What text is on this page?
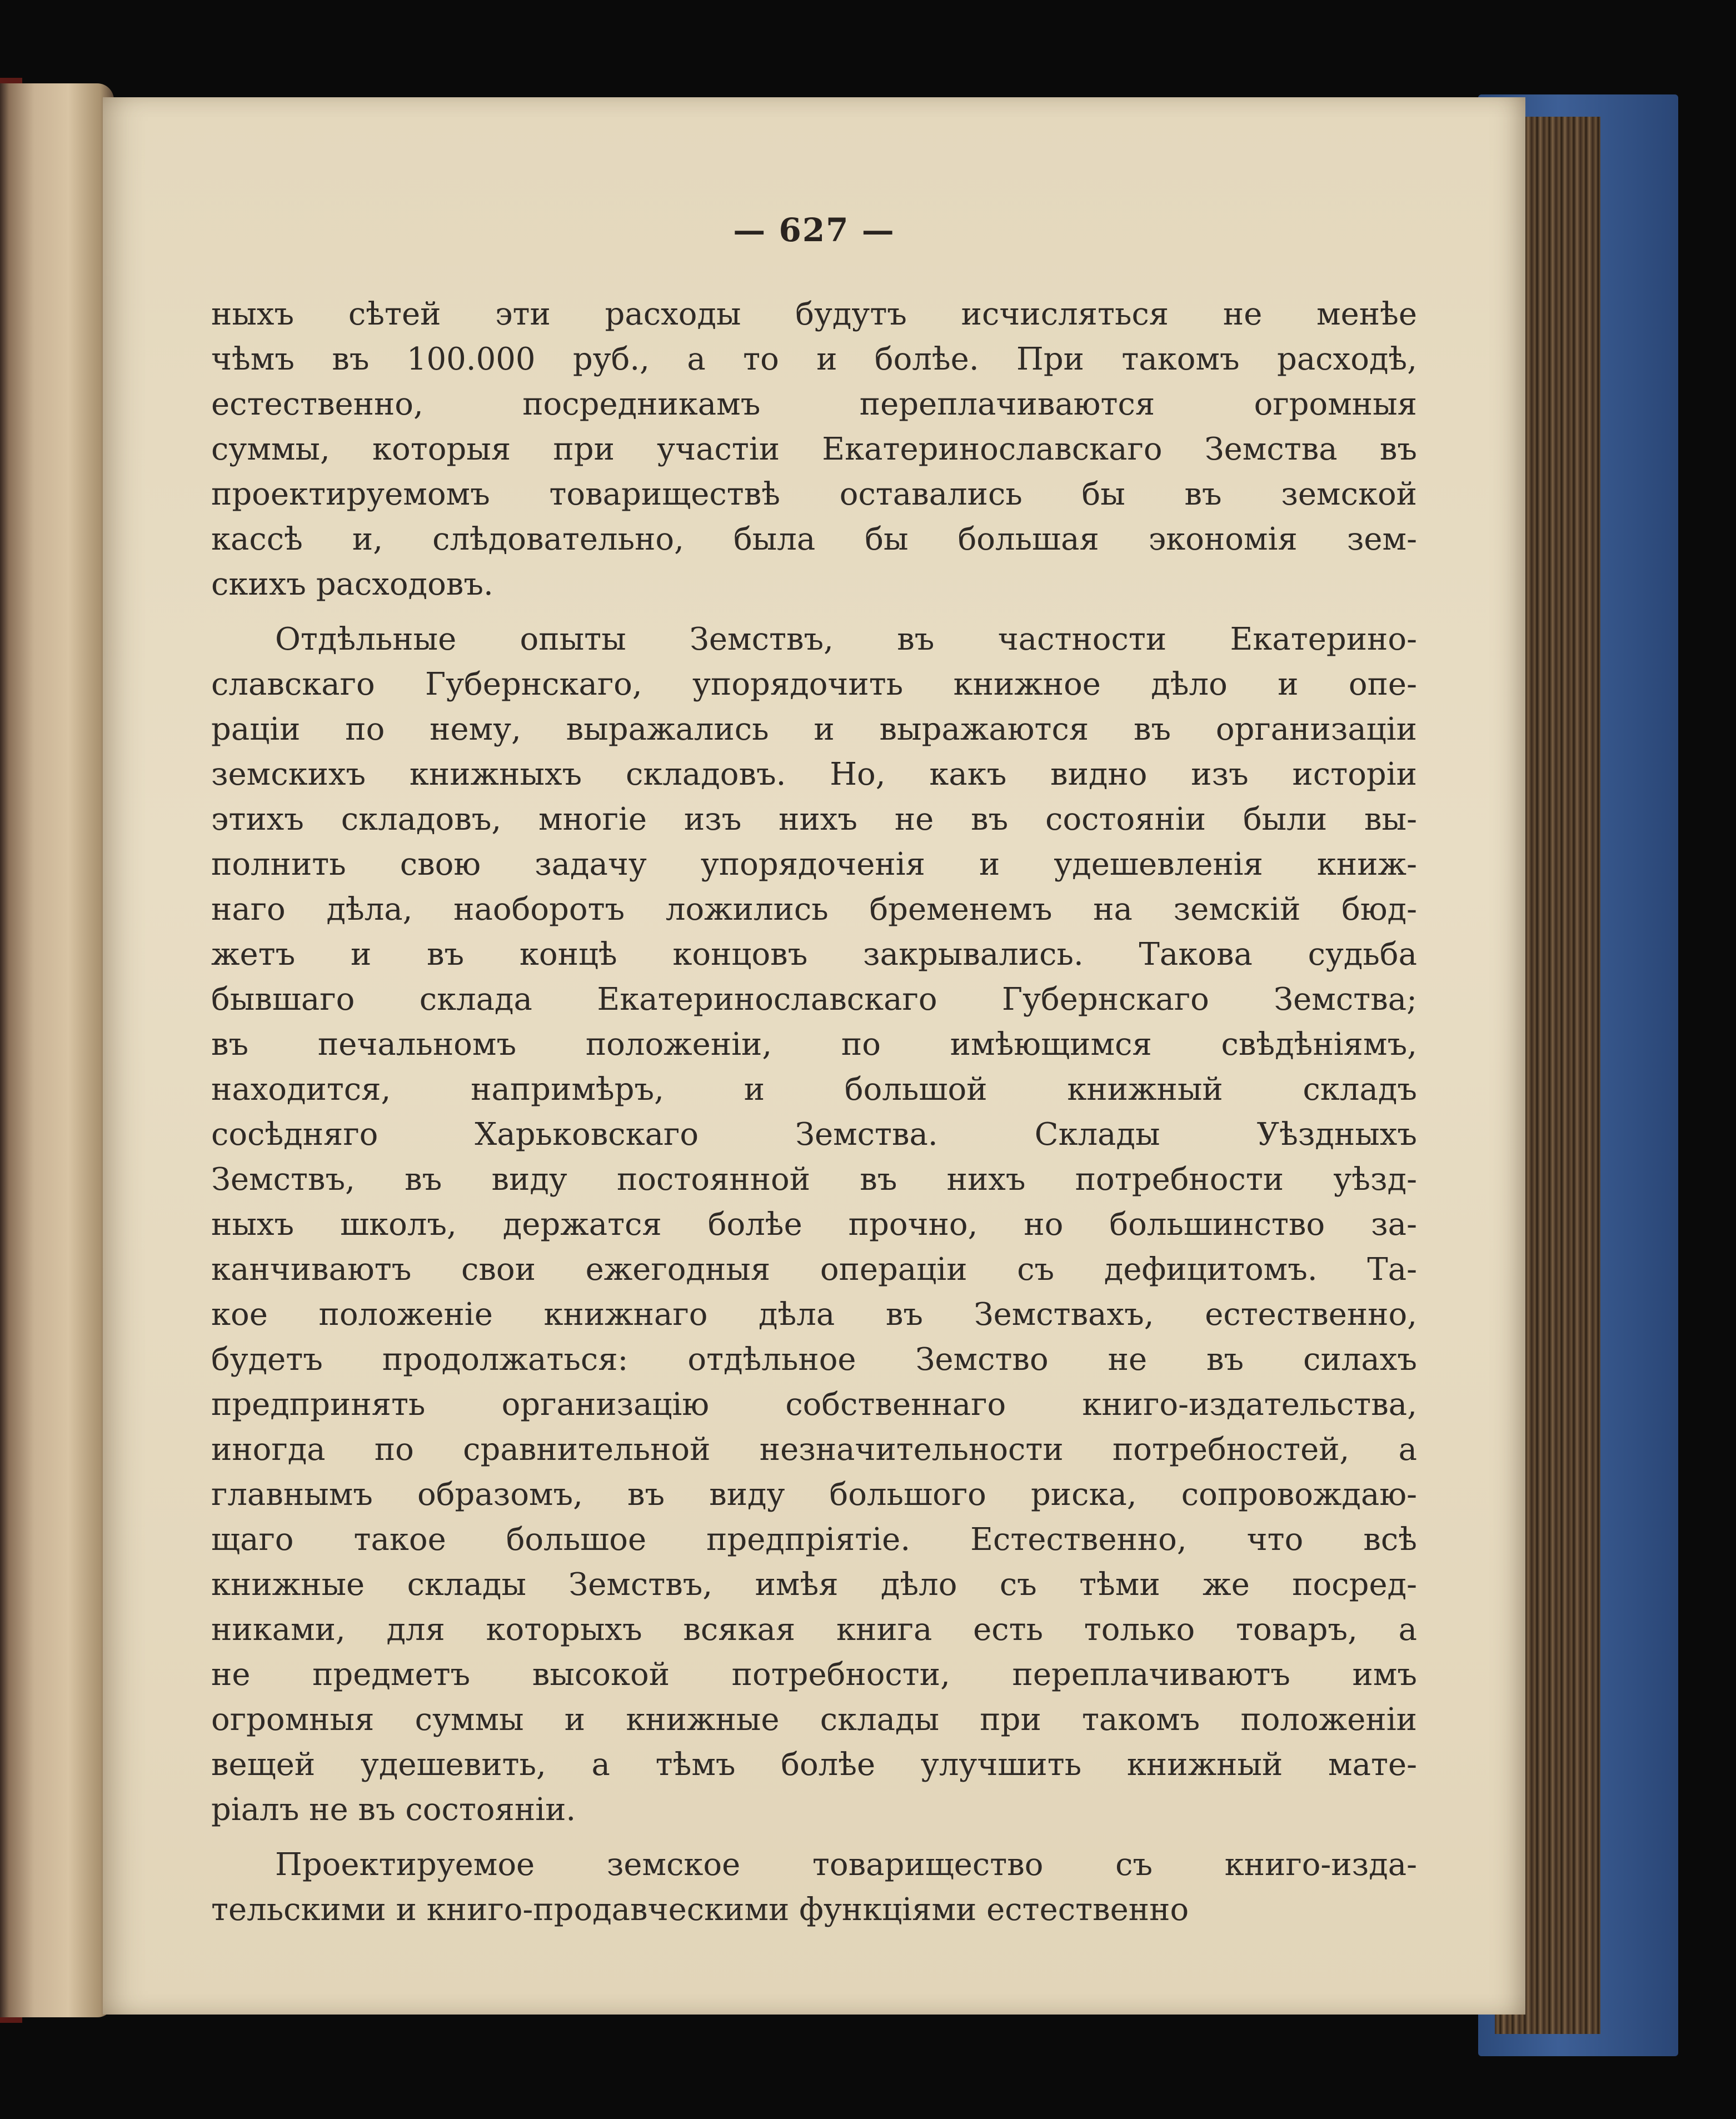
— 627 —
ныхъ сѣтей эти расходы будутъ исчисляться не менѣе
чѣмъ въ 100.000 руб., а то и болѣе. При такомъ расходѣ,
естественно, посредникамъ переплачиваются огромныя
суммы, которыя при участіи Екатеринославскаго Земства въ
проектируемомъ товариществѣ оставались бы въ земской
кассѣ и, слѣдовательно, была бы большая экономія зем-
скихъ расходовъ.
Отдѣльные опыты Земствъ, въ частности Екатерино-
славскаго Губернскаго, упорядочить книжное дѣло и опе-
раціи по нему, выражались и выражаются въ организаціи
земскихъ книжныхъ складовъ. Но, какъ видно изъ исторіи
этихъ складовъ, многіе изъ нихъ не въ состояніи были вы-
полнить свою задачу упорядоченія и удешевленія книж-
наго дѣла, наоборотъ ложились бременемъ на земскій бюд-
жетъ и въ концѣ концовъ закрывались. Такова судьба
бывшаго склада Екатеринославскаго Губернскаго Земства;
въ печальномъ положеніи, по имѣющимся свѣдѣніямъ,
находится, напримѣръ, и большой книжный складъ
сосѣдняго Харьковскаго Земства. Склады Уѣздныхъ
Земствъ, въ виду постоянной въ нихъ потребности уѣзд-
ныхъ школъ, держатся болѣе прочно, но большинство за-
канчиваютъ свои ежегодныя операціи съ дефицитомъ. Та-
кое положеніе книжнаго дѣла въ Земствахъ, естественно,
будетъ продолжаться: отдѣльное Земство не въ силахъ
предпринять организацію собственнаго книго-издательства,
иногда по сравнительной незначительности потребностей, а
главнымъ образомъ, въ виду большого риска, сопровождаю-
щаго такое большое предпріятіе. Естественно, что всѣ
книжные склады Земствъ, имѣя дѣло съ тѣми же посред-
никами, для которыхъ всякая книга есть только товаръ, а
не предметъ высокой потребности, переплачиваютъ имъ
огромныя суммы и книжные склады при такомъ положеніи
вещей удешевить, а тѣмъ болѣе улучшить книжный мате-
ріалъ не въ состояніи.
Проектируемое земское товарищество съ книго-изда-
тельскими и книго-продавческими функціями естественно
